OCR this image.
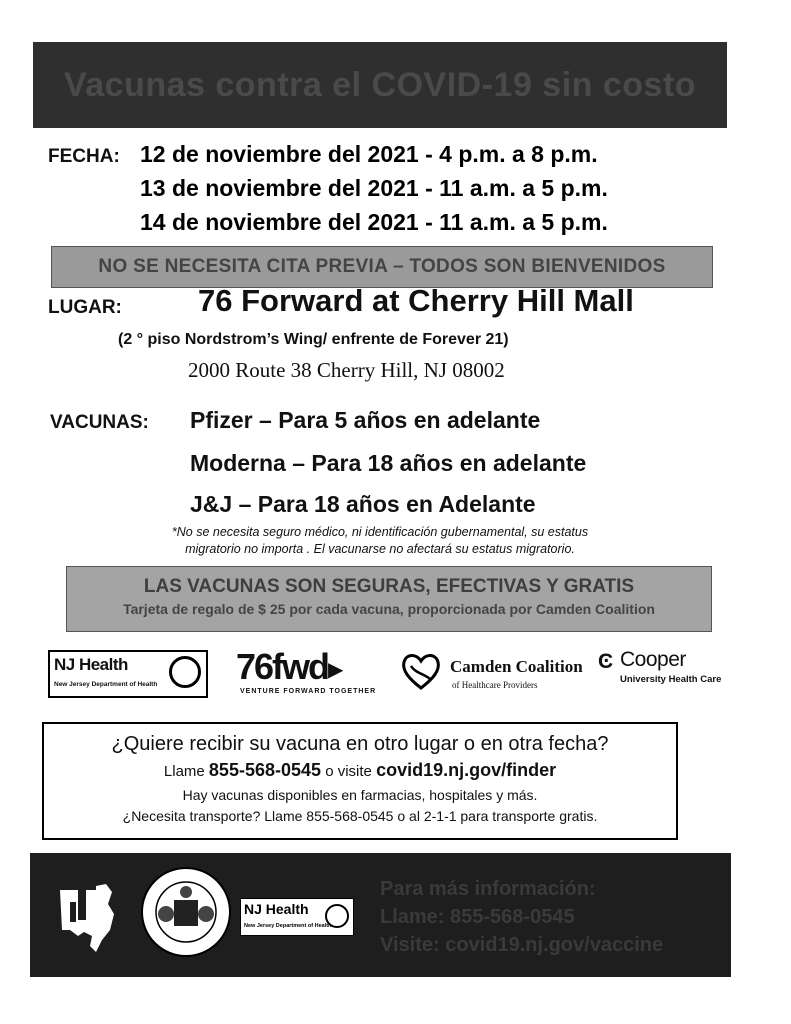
Vacunas contra el COVID-19 sin costo
FECHA: 12 de noviembre del 2021 - 4 p.m. a 8 p.m.
13 de noviembre del 2021 - 11 a.m. a 5 p.m.
14 de noviembre del 2021 - 11 a.m. a 5 p.m.
NO SE NECESITA CITA PREVIA – TODOS SON BIENVENIDOS
LUGAR: 76 Forward at Cherry Hill Mall
(2 ° piso Nordstrom’s Wing/ enfrente de Forever 21)
2000 Route 38 Cherry Hill, NJ 08002
VACUNAS: Pfizer – Para 5 años en adelante
Moderna – Para 18 años en adelante
J&J – Para 18 años en Adelante
*No se necesita seguro médico, ni identificación gubernamental, su estatus
migratorio no importa . El vacunarse no afectará su estatus migratorio.
LAS VACUNAS SON SEGURAS, EFECTIVAS Y GRATIS
Tarjeta de regalo de $ 25 por cada vacuna, proporcionada por Camden Coalition
NJ Health
New Jersey Department of Health 76fwd▶
VENTURE FORWARD TOGETHER
Camden Coalition
of Healthcare Providers
Ͼ Cooper
University Health Care
¿Quiere recibir su vacuna en otro lugar o en otra fecha?
Llame 855-568-0545 o visite covid19.nj.gov/finder
Hay vacunas disponibles en farmacias, hospitales y más.
¿Necesita transporte? Llame 855-568-0545 o al 2-1-1 para transporte gratis.
NJ Health
New Jersey Department of Health
Para más información:
Llame: 855-568-0545
Visite: covid19.nj.gov/vaccine
